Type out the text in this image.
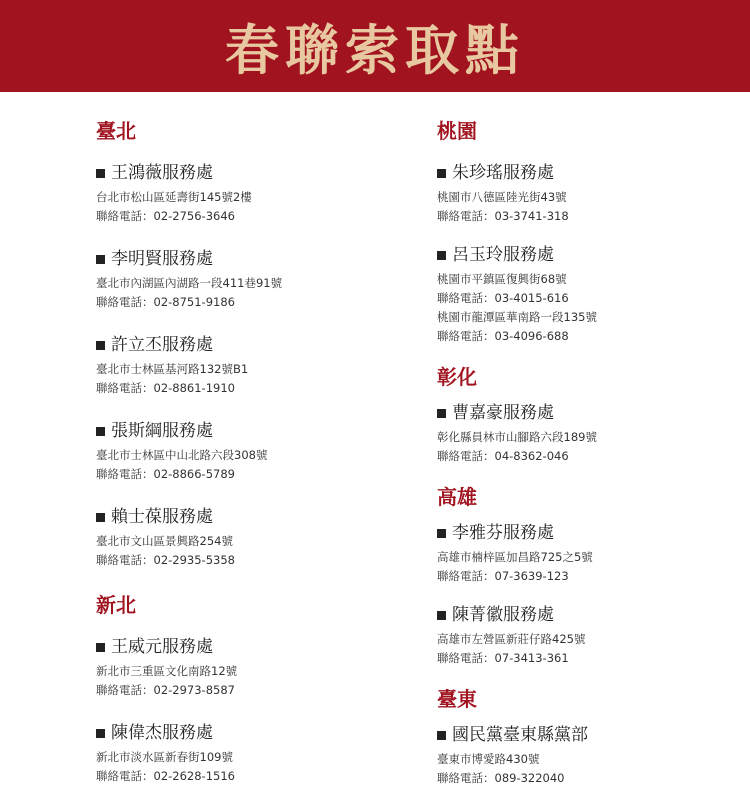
春聯索取點
臺北
王鴻薇服務處
台北市松山區延壽街145號2樓
聯絡電話：02-2756-3646
李明賢服務處
臺北市內湖區內湖路一段411巷91號
聯絡電話：02-8751-9186
許立丕服務處
臺北市士林區基河路132號B1
聯絡電話：02-8861-1910
張斯綱服務處
臺北市士林區中山北路六段308號
聯絡電話：02-8866-5789
賴士葆服務處
臺北市文山區景興路254號
聯絡電話：02-2935-5358
新北
王威元服務處
新北市三重區文化南路12號
聯絡電話：02-2973-8587
陳偉杰服務處
新北市淡水區新春街109號
聯絡電話：02-2628-1516
桃園
朱珍瑤服務處
桃園市八德區陸光街43號
聯絡電話：03-3741-318
呂玉玲服務處
桃園市平鎮區復興街68號
聯絡電話：03-4015-616
桃園市龍潭區華南路一段135號
聯絡電話：03-4096-688
彰化
曹嘉豪服務處
彰化縣員林市山腳路六段189號
聯絡電話：04-8362-046
高雄
李雅芬服務處
高雄市楠梓區加昌路725之5號
聯絡電話：07-3639-123
陳菁徽服務處
高雄市左營區新莊仔路425號
聯絡電話：07-3413-361
臺東
國民黨臺東縣黨部
臺東市博愛路430號
聯絡電話：089-322040
